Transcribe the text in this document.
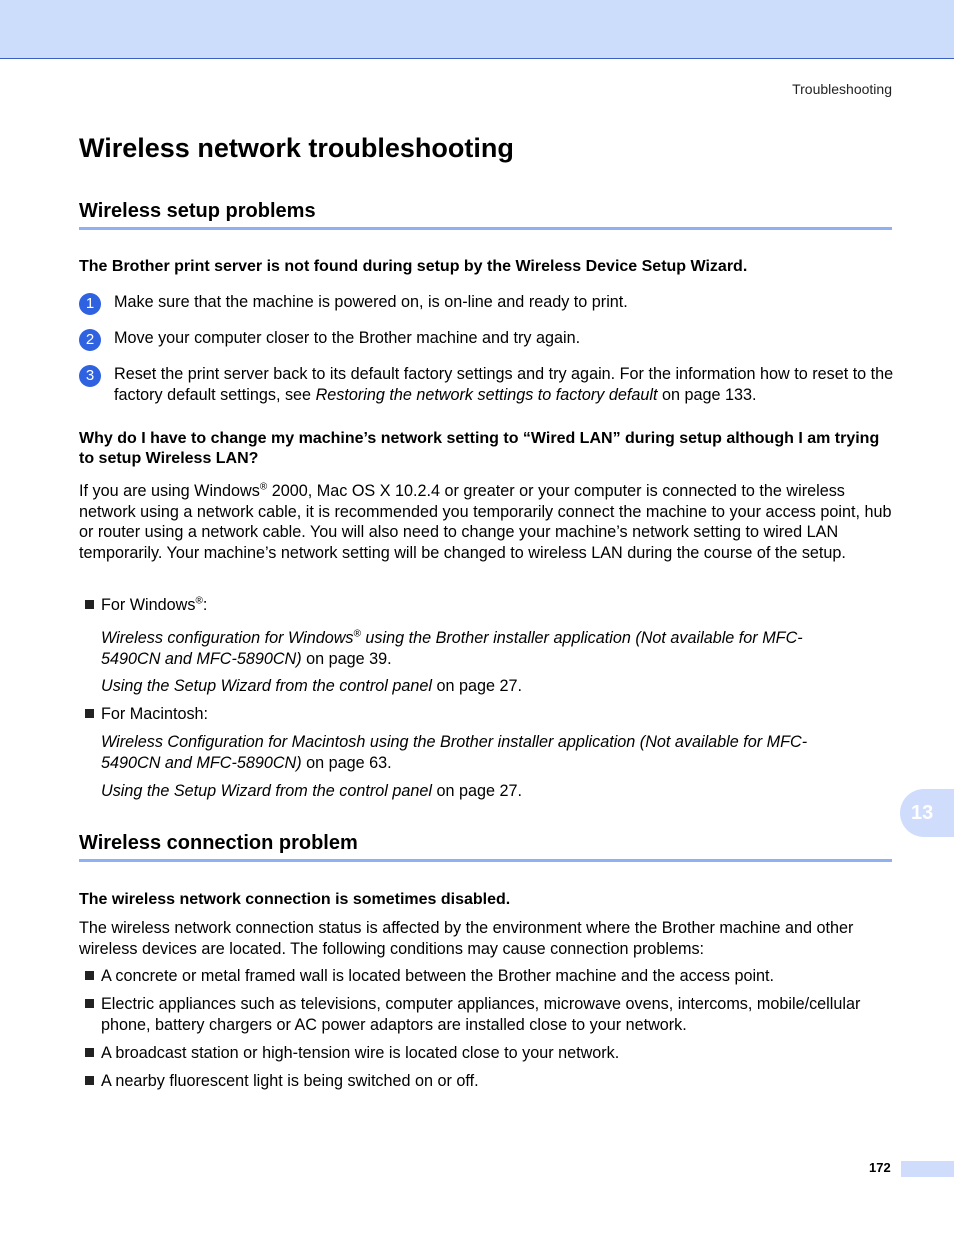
Troubleshooting
Wireless network troubleshooting
Wireless setup problems

The Brother print server is not found during setup by the Wireless Device Setup Wizard.

1	Make sure that the machine is powered on, is on-line and ready to print.

2	Move your computer closer to the Brother machine and try again.

3	Reset the print server back to its default factory settings and try again. For the information how to reset to the factory default settings, see Restoring the network settings to factory default on page 133.

Why do I have to change my machine’s network setting to “Wired LAN” during setup although I am trying to setup Wireless LAN?

If you are using Windows® 2000, Mac OS X 10.2.4 or greater or your computer is connected to the wireless network using a network cable, it is recommended you temporarily connect the machine to your access point, hub or router using a network cable. You will also need to change your machine’s network setting to wired LAN temporarily. Your machine’s network setting will be changed to wireless LAN during the course of the setup.

For Windows®:

Wireless configuration for Windows® using the Brother installer application (Not available for MFC-5490CN and MFC-5890CN) on page 39.

Using the Setup Wizard from the control panel on page 27.

For Macintosh:

Wireless Configuration for Macintosh using the Brother installer application (Not available for MFC-5490CN and MFC-5890CN) on page 63.

Using the Setup Wizard from the control panel on page 27.

13
Wireless connection problem

The wireless network connection is sometimes disabled.

The wireless network connection status is affected by the environment where the Brother machine and other wireless devices are located. The following conditions may cause connection problems:

A concrete or metal framed wall is located between the Brother machine and the access point.
Electric appliances such as televisions, computer appliances, microwave ovens, intercoms, mobile/cellular phone, battery chargers or AC power adaptors are installed close to your network.
A broadcast station or high-tension wire is located close to your network.
A nearby fluorescent light is being switched on or off.
172
